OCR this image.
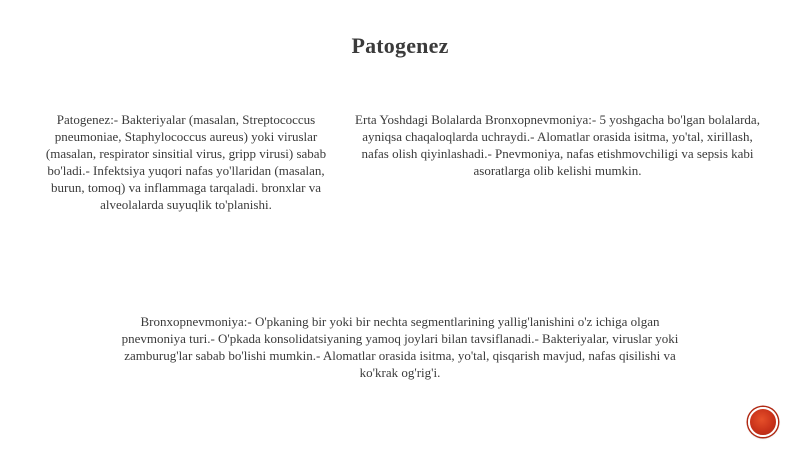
Patogenez
Patogenez:- Bakteriyalar (masalan, Streptococcus pneumoniae, Staphylococcus aureus) yoki viruslar (masalan, respirator sinsitial virus, gripp virusi) sabab bo'ladi.- Infektsiya yuqori nafas yo'llaridan (masalan, burun, tomoq) va inflammaga tarqaladi. bronxlar va alveolalarda suyuqlik to'planishi.
Erta Yoshdagi Bolalarda Bronxopnevmoniya:- 5 yoshgacha bo'lgan bolalarda, ayniqsa chaqaloqlarda uchraydi.- Alomatlar orasida isitma, yo'tal, xirillash, nafas olish qiyinlashadi.- Pnevmoniya, nafas etishmovchiligi va sepsis kabi asoratlarga olib kelishi mumkin.
Bronxopnevmoniya:- O'pkaning bir yoki bir nechta segmentlarining yallig'lanishini o'z ichiga olgan pnevmoniya turi.- O'pkada konsolidatsiyaning yamoq joylari bilan tavsiflanadi.- Bakteriyalar, viruslar yoki zamburug'lar sabab bo'lishi mumkin.- Alomatlar orasida isitma, yo'tal, qisqarish mavjud, nafas qisilishi va ko'krak og'rig'i.
